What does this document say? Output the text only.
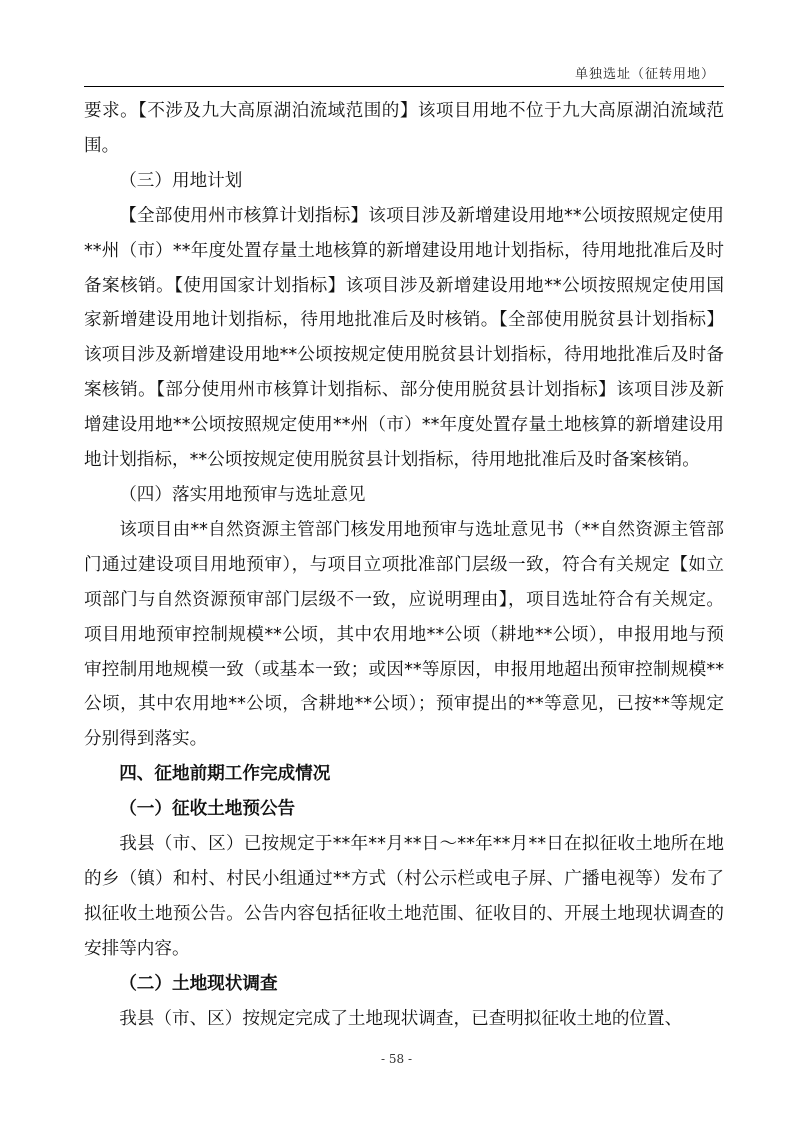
单独选址（征转用地）

要求。【不涉及九大高原湖泊流域范围的】该项目用地不位于九大高原湖泊流域范围。

（三）用地计划

【全部使用州市核算计划指标】该项目涉及新增建设用地**公顷按照规定使用**州（市）**年度处置存量土地核算的新增建设用地计划指标，待用地批准后及时备案核销。【使用国家计划指标】该项目涉及新增建设用地**公顷按照规定使用国家新增建设用地计划指标，待用地批准后及时核销。【全部使用脱贫县计划指标】该项目涉及新增建设用地**公顷按规定使用脱贫县计划指标，待用地批准后及时备案核销。【部分使用州市核算计划指标、部分使用脱贫县计划指标】该项目涉及新增建设用地**公顷按照规定使用**州（市）**年度处置存量土地核算的新增建设用地计划指标，**公顷按规定使用脱贫县计划指标，待用地批准后及时备案核销。

（四）落实用地预审与选址意见

该项目由**自然资源主管部门核发用地预审与选址意见书（**自然资源主管部门通过建设项目用地预审），与项目立项批准部门层级一致，符合有关规定【如立项部门与自然资源预审部门层级不一致，应说明理由】，项目选址符合有关规定。项目用地预审控制规模**公顷，其中农用地**公顷（耕地**公顷），申报用地与预审控制用地规模一致（或基本一致；或因**等原因，申报用地超出预审控制规模**公顷，其中农用地**公顷，含耕地**公顷）；预审提出的**等意见，已按**等规定分别得到落实。

四、征地前期工作完成情况

（一）征收土地预公告

我县（市、区）已按规定于**年**月**日～**年**月**日在拟征收土地所在地的乡（镇）和村、村民小组通过**方式（村公示栏或电子屏、广播电视等）发布了拟征收土地预公告。公告内容包括征收土地范围、征收目的、开展土地现状调查的安排等内容。

（二）土地现状调查

我县（市、区）按规定完成了土地现状调查，已查明拟征收土地的位置、

- 58 -
